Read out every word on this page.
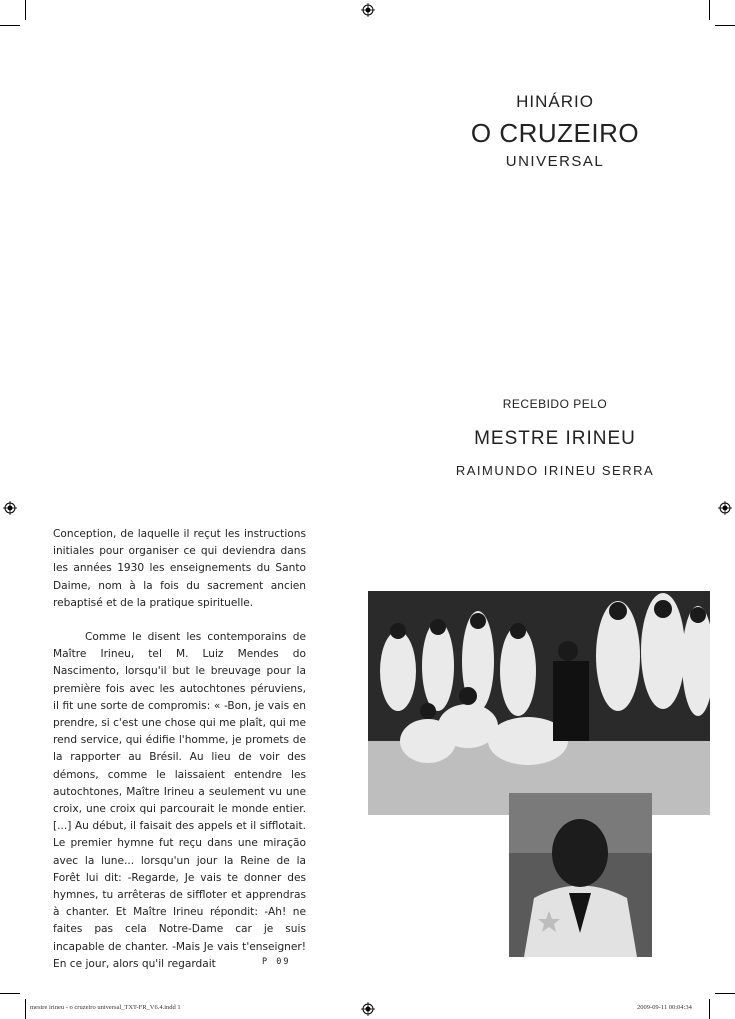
HINÁRIO
O CRUZEIRO
UNIVERSAL
RECEBIDO PELO
MESTRE IRINEU
RAIMUNDO IRINEU SERRA

Conception, de laquelle il reçut les instructions initiales pour organiser ce qui deviendra dans les années 1930 les enseignements du Santo Daime, nom à la fois du sacrement ancien rebaptisé et de la pratique spirituelle.

Comme le disent les contemporains de Maître Irineu, tel M. Luiz Mendes do Nascimento, lorsqu'il but le breuvage pour la première fois avec les autochtones péruviens, il fit une sorte de compromis: « -Bon, je vais en prendre, si c'est une chose qui me plaît, qui me rend service, qui édifie l'homme, je promets de la rapporter au Brésil. Au lieu de voir des démons, comme le laissaient entendre les autochtones, Maître Irineu a seulement vu une croix, une croix qui parcourait le monde entier. [...] Au début, il faisait des appels et il sifflotait. Le premier hymne fut reçu dans une miração avec la lune... lorsqu'un jour la Reine de la Forêt lui dit: -Regarde, Je vais te donner des hymnes, tu arrêteras de siffloter et apprendras à chanter. Et Maître Irineu répondit: -Ah! ne faites pas cela Notre-Dame car je suis incapable de chanter. -Mais Je vais t'enseigner! En ce jour, alors qu'il regardait	P 09
mestre irineu - o cruzeiro universal_TXT-FR_V6.4.indd 1	2009-09-11 00:04:34
